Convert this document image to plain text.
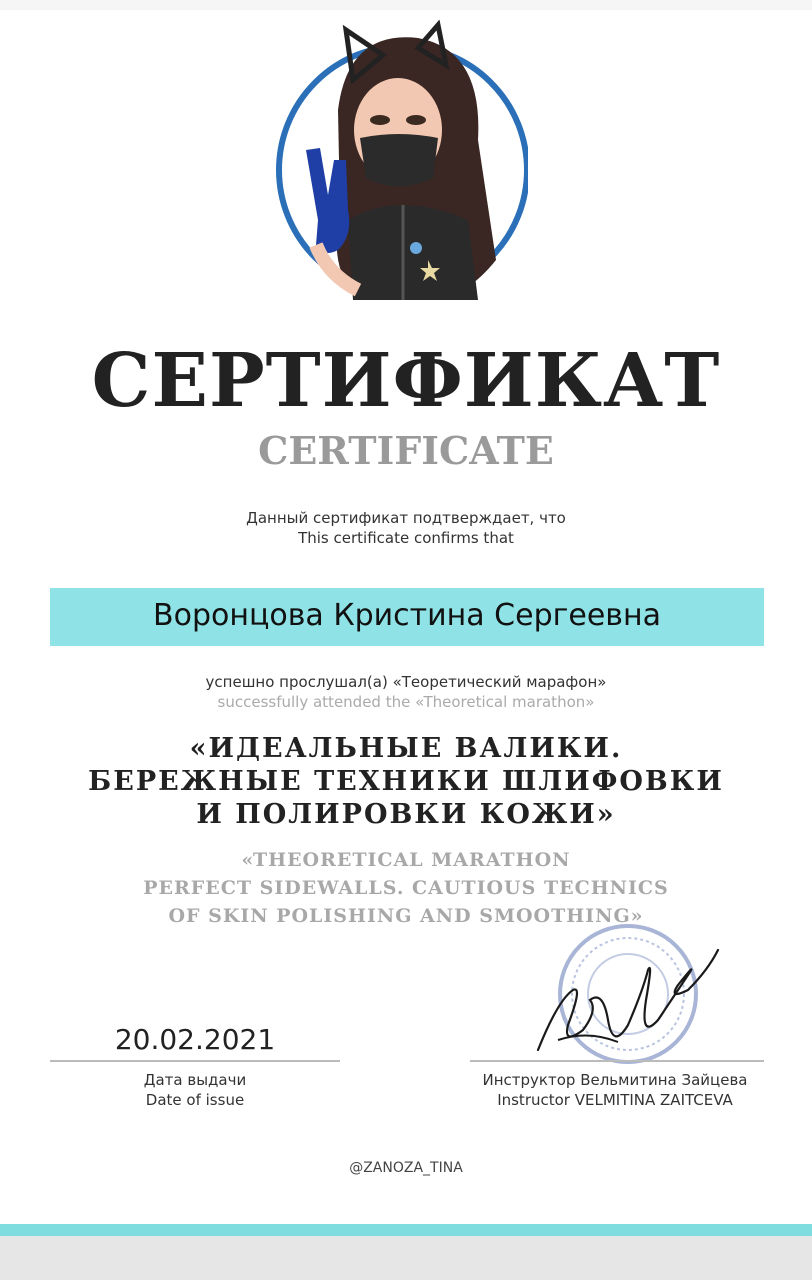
СЕРТИФИКАТ
CERTIFICATE
Данный сертификат подтверждает, что
This certificate confirms that
Воронцова Кристина Сергеевна
успешно прослушал(а) «Теоретический марафон»
successfully attended the «Theoretical marathon»
«ИДЕАЛЬНЫЕ ВАЛИКИ.
БЕРЕЖНЫЕ ТЕХНИКИ ШЛИФОВКИ
И ПОЛИРОВКИ КОЖИ»
«THEORETICAL MARATHON
PERFECT SIDEWALLS. CAUTIOUS TECHNICS
OF SKIN POLISHING AND SMOOTHING»
20.02.2021
Дата выдачи
Date of issue
Инструктор Вельмитина Зайцева
Instructor VELMITINA ZAITCEVA
@ZANOZA_TINA
